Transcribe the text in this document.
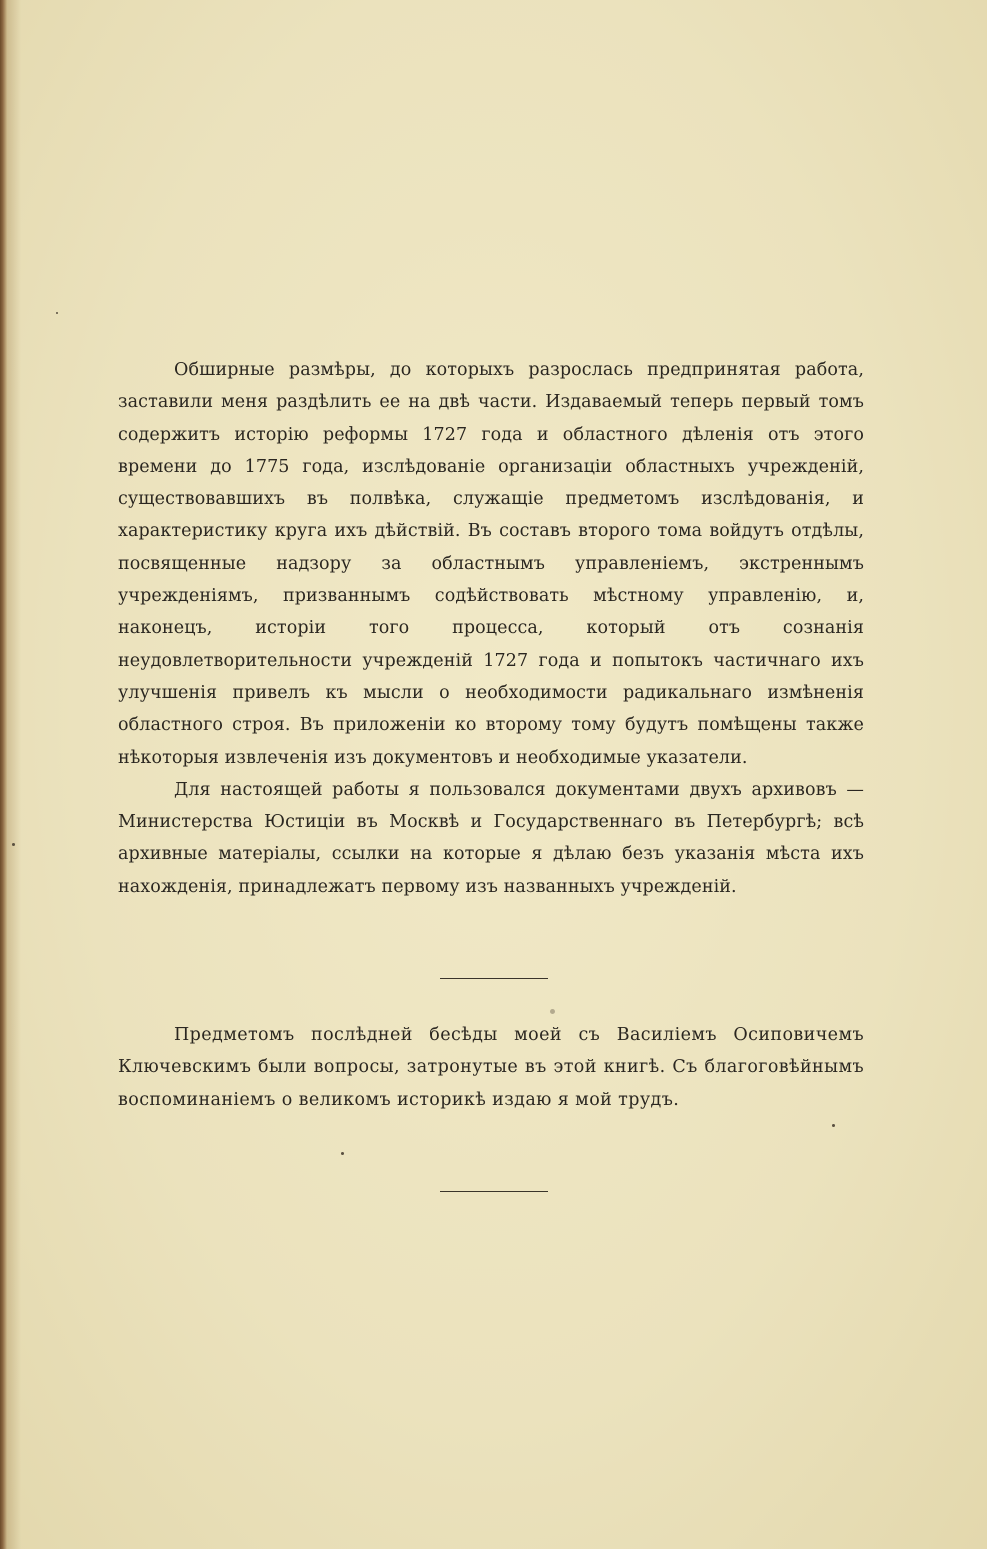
Обширные размѣры, до которыхъ разрослась предпринятая работа, заставили меня раздѣлить ее на двѣ части. Издаваемый теперь первый томъ содержитъ исторію реформы 1727 года и областного дѣленія отъ этого времени до 1775 года, изслѣдованіе организаціи областныхъ учрежденій, существовавшихъ въ полвѣка, служащіе предметомъ изслѣдованія, и характеристику круга ихъ дѣйствій. Въ составъ второго тома войдутъ отдѣлы, посвященные надзору за областнымъ управленіемъ, экстреннымъ учрежденіямъ, призваннымъ содѣйствовать мѣстному управленію, и, наконецъ, исторіи того процесса, который отъ сознанія неудовлетворительности учрежденій 1727 года и попытокъ частичнаго ихъ улучшенія привелъ къ мысли о необходимости радикальнаго измѣненія областного строя. Въ приложеніи ко второму тому будутъ помѣщены также нѣкоторыя извлеченія изъ документовъ и необходимые указатели.

Для настоящей работы я пользовался документами двухъ архивовъ — Министерства Юстиціи въ Москвѣ и Государственнаго въ Петербургѣ; всѣ архивные матеріалы, ссылки на которые я дѣлаю безъ указанія мѣста ихъ нахожденія, принадлежатъ первому изъ названныхъ учрежденій.

Предметомъ послѣдней бесѣды моей съ Василіемъ Осиповичемъ Ключевскимъ были вопросы, затронутые въ этой книгѣ. Съ благоговѣйнымъ воспоминаніемъ о великомъ историкѣ издаю я мой трудъ.
